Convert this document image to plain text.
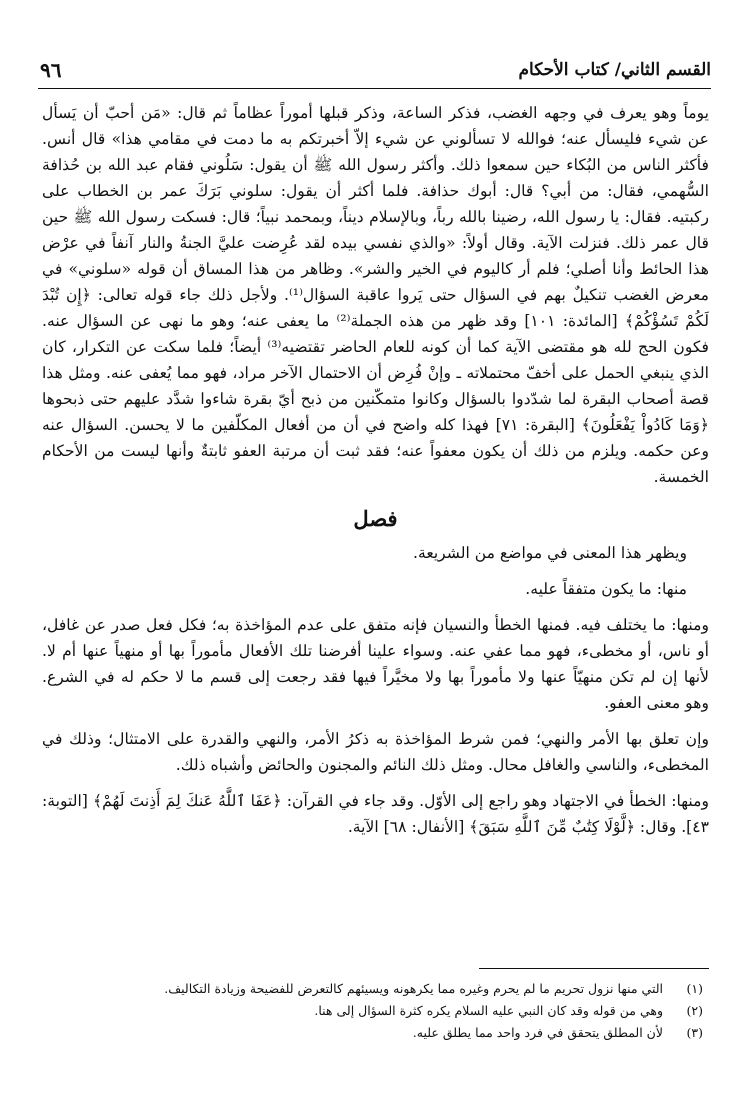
٩٦	القسم الثاني/ كتاب الأحكام

يوماً وهو يعرف في وجهه الغضب، فذكر الساعة، وذكر قبلها أموراً عظاماً ثم قال: «مَن أحبّ أن يَسأل عن شيء فليسأل عنه؛ فوالله لا تسألوني عن شيء إلاّ أخبرتكم به ما دمت في مقامي هذا» قال أنس. فأكثر الناس من البُكاء حين سمعوا ذلك. وأكثر رسول الله ﷺ أن يقول: سَلُوني فقام عبد الله بن حُذافة السُّهمي، فقال: من أبي؟ قال: أبوك حذافة. فلما أكثر أن يقول: سلوني بَرَكَ عمر بن الخطاب على ركبتيه. فقال: يا رسول الله، رضينا بالله رباً، وبالإسلام ديناً، وبمحمد نبياً؛ قال: فسكت رسول الله ﷺ حين قال عمر ذلك. فنزلت الآية. وقال أولاً: «والذي نفسي بيده لقد عُرِضت عليَّ الجنةُ والنار آنفاً في عرْض هذا الحائط وأنا أصلي؛ فلم أر كاليوم في الخير والشر». وظاهر من هذا المساق أن قوله «سلوني» في معرض الغضب تنكيلٌ بهم في السؤال حتى يَروا عاقبة السؤال⁽¹⁾. ولأجل ذلك جاء قوله تعالى: ﴿إِن تُبْدَ لَكُمْ تَسُؤْكُمْ﴾ [المائدة: ١٠١] وقد ظهر من هذه الجملة⁽²⁾ ما يعفى عنه؛ وهو ما نهى عن السؤال عنه. فكون الحج لله هو مقتضى الآية كما أن كونه للعام الحاضر تقتضيه⁽³⁾ أيضاً؛ فلما سكت عن التكرار، كان الذي ينبغي الحمل على أخفّ محتملاته ـ وإنْ فُرِض أن الاحتمال الآخر مراد، فهو مما يُعفى عنه. ومثل هذا قصة أصحاب البقرة لما شدّدوا بالسؤال وكانوا متمكّنين من ذبح أيّ بقرة شاءوا شدَّد عليهم حتى ذبحوها ﴿وَمَا كَادُواْ يَفْعَلُونَ﴾ [البقرة: ٧١] فهذا كله واضح في أن من أفعال المكلّفين ما لا يحسن. السؤال عنه وعن حكمه. ويلزم من ذلك أن يكون معفواً عنه؛ فقد ثبت أن مرتبة العفو ثابتةٌ وأنها ليست من الأحكام الخمسة.

فصل

ويظهر هذا المعنى في مواضع من الشريعة.

منها: ما يكون متفقاً عليه.

ومنها: ما يختلف فيه. فمنها الخطأ والنسيان فإنه متفق على عدم المؤاخذة به؛ فكل فعل صدر عن غافل، أو ناس، أو مخطىء، فهو مما عفي عنه. وسواء علينا أفرضنا تلك الأفعال مأموراً بها أو منهياً عنها أم لا. لأنها إن لم تكن منهيّاً عنها ولا مأموراً بها ولا مخيَّراً فيها فقد رجعت إلى قسم ما لا حكم له في الشرع. وهو معنى العفو.

وإن تعلق بها الأمر والنهي؛ فمن شرط المؤاخذة به ذكرُ الأمر، والنهي والقدرة على الامتثال؛ وذلك في المخطىء، والناسي والغافل محال. ومثل ذلك النائم والمجنون والحائض وأشباه ذلك.

ومنها: الخطأ في الاجتهاد وهو راجع إلى الأوّل. وقد جاء في القرآن: ﴿عَفَا ٱللَّهُ عَنكَ لِمَ أَذِنتَ لَهُمْ﴾ [التوبة: ٤٣]. وقال: ﴿لَّوْلَا كِتَٰبٌ مِّنَ ٱللَّهِ سَبَقَ﴾ [الأنفال: ٦٨] الآية.

(١)
التي منها نزول تحريم ما لم يحرم وغيره مما يكرهونه ويسيئهم كالتعرض للفضيحة وزيادة التكاليف.
(٢)
وهي من قوله وقد كان النبي عليه السلام يكره كثرة السؤال إلى هنا.
(٣)
لأن المطلق يتحقق في فرد واحد مما يطلق عليه.
